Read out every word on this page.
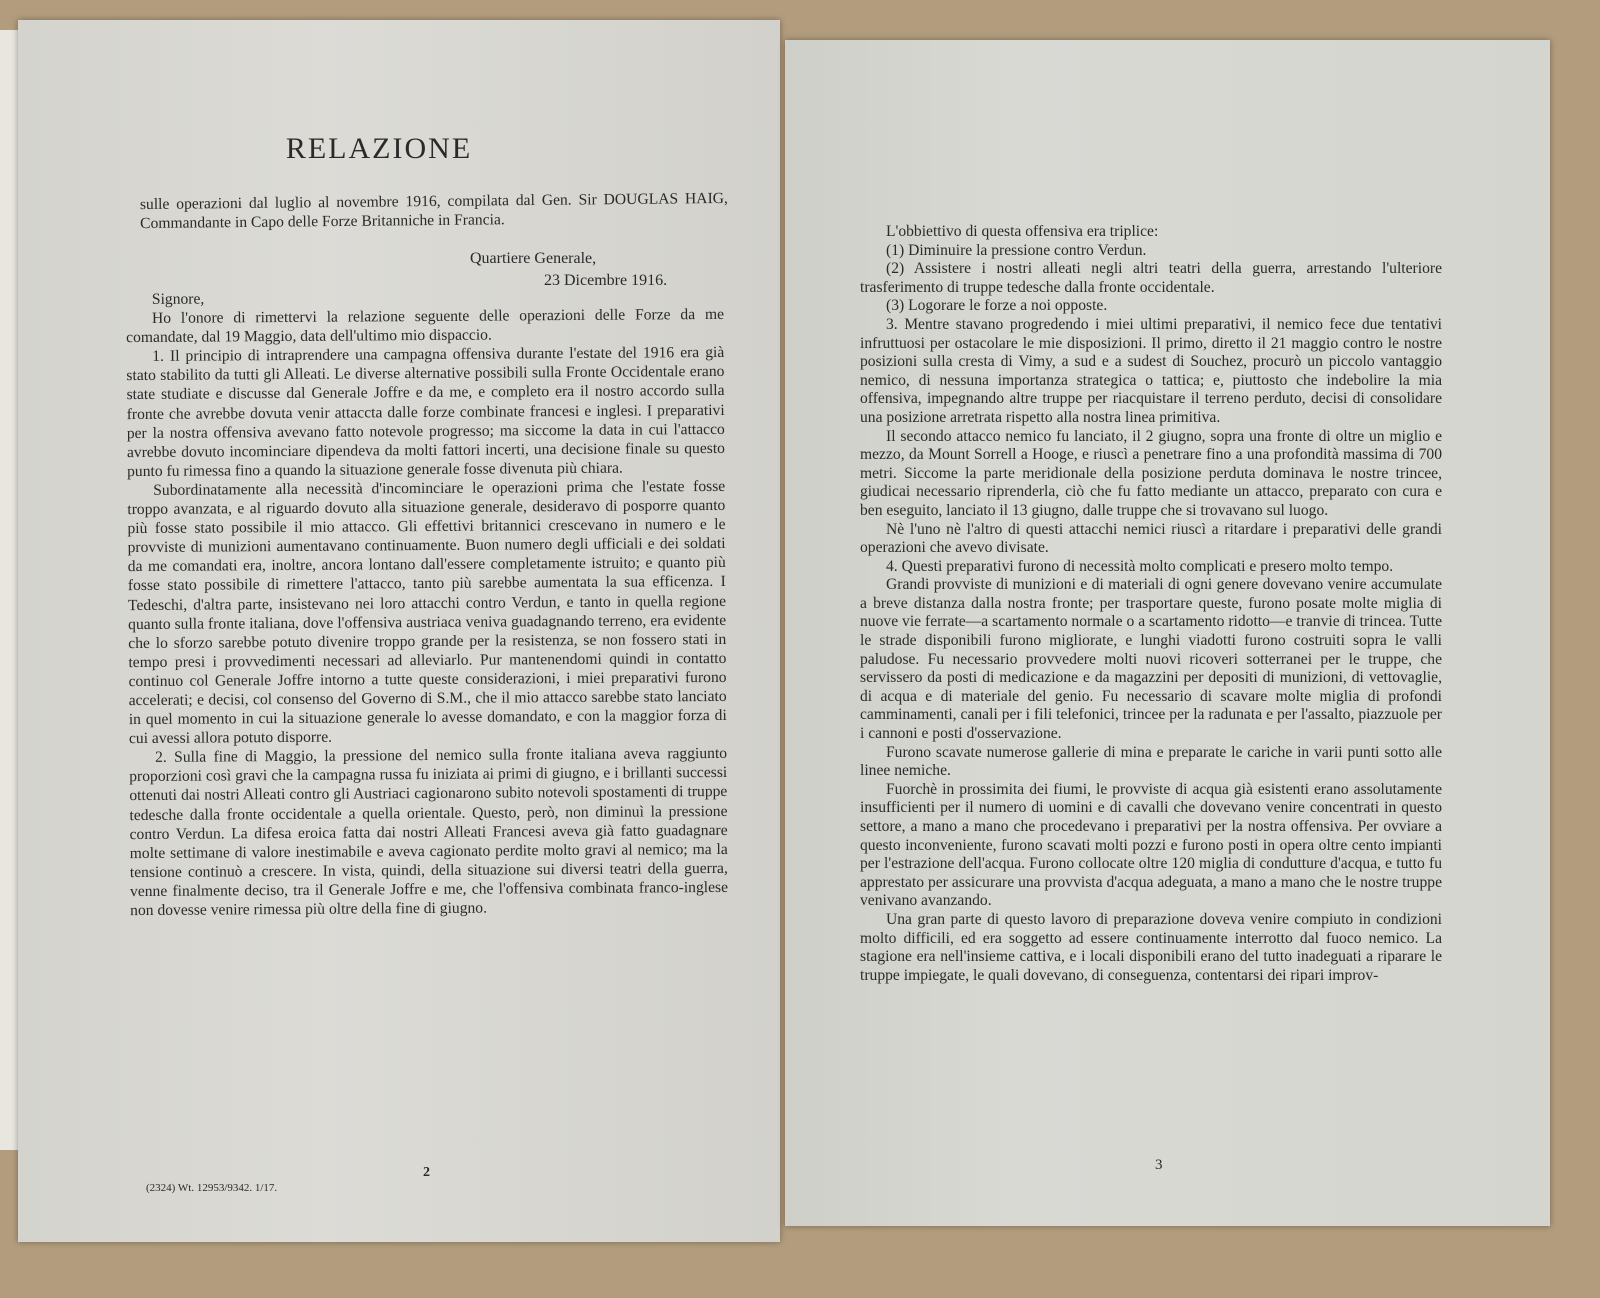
RELAZIONE
sulle operazioni dal luglio al novembre 1916, compilata dal Gen. Sir DOUGLAS HAIG, Commandante in Capo delle Forze Britanniche in Francia.
Quartiere Generale,
23 Dicembre 1916.

Signore,

Ho l'onore di rimettervi la relazione seguente delle operazioni delle Forze da me comandate, dal 19 Maggio, data dell'ultimo mio dispaccio.

1. Il principio di intraprendere una campagna offensiva durante l'estate del 1916 era già stato stabilito da tutti gli Alleati. Le diverse alternative possibili sulla Fronte Occidentale erano state studiate e discusse dal Generale Joffre e da me, e completo era il nostro accordo sulla fronte che avrebbe dovuta venir attaccta dalle forze combinate francesi e inglesi. I preparativi per la nostra offensiva avevano fatto notevole progresso; ma siccome la data in cui l'attacco avrebbe dovuto incominciare dipendeva da molti fattori incerti, una decisione finale su questo punto fu rimessa fino a quando la situazione generale fosse divenuta più chiara.

Subordinatamente alla necessità d'incominciare le operazioni prima che l'estate fosse troppo avanzata, e al riguardo dovuto alla situazione generale, desideravo di posporre quanto più fosse stato possibile il mio attacco. Gli effettivi britannici crescevano in numero e le provviste di munizioni aumentavano continuamente. Buon numero degli ufficiali e dei soldati da me comandati era, inoltre, ancora lontano dall'essere completamente istruito; e quanto più fosse stato possibile di rimettere l'attacco, tanto più sarebbe aumentata la sua efficenza. I Tedeschi, d'altra parte, insistevano nei loro attacchi contro Verdun, e tanto in quella regione quanto sulla fronte italiana, dove l'offensiva austriaca veniva guadagnando terreno, era evidente che lo sforzo sarebbe potuto divenire troppo grande per la resistenza, se non fossero stati in tempo presi i provvedimenti necessari ad alleviarlo. Pur mantenendomi quindi in contatto continuo col Generale Joffre intorno a tutte queste considerazioni, i miei preparativi furono accelerati; e decisi, col consenso del Governo di S.M., che il mio attacco sarebbe stato lanciato in quel momento in cui la situazione generale lo avesse domandato, e con la maggior forza di cui avessi allora potuto disporre.

2. Sulla fine di Maggio, la pressione del nemico sulla fronte italiana aveva raggiunto proporzioni così gravi che la campagna russa fu iniziata ai primi di giugno, e i brillanti successi ottenuti dai nostri Alleati contro gli Austriaci cagionarono subito notevoli spostamenti di truppe tedesche dalla fronte occidentale a quella orientale. Questo, però, non diminuì la pressione contro Verdun. La difesa eroica fatta dai nostri Alleati Francesi aveva già fatto guadagnare molte settimane di valore inestimabile e aveva cagionato perdite molto gravi al nemico; ma la tensione continuò a crescere. In vista, quindi, della situazione sui diversi teatri della guerra, venne finalmente deciso, tra il Generale Joffre e me, che l'offensiva combinata franco-inglese non dovesse venire rimessa più oltre della fine di giugno.

2
(2324) Wt. 12953/9342. 1/17.

L'obbiettivo di questa offensiva era triplice:

(1) Diminuire la pressione contro Verdun.

(2) Assistere i nostri alleati negli altri teatri della guerra, arrestando l'ulteriore trasferimento di truppe tedesche dalla fronte occidentale.

(3) Logorare le forze a noi opposte.

3. Mentre stavano progredendo i miei ultimi preparativi, il nemico fece due tentativi infruttuosi per ostacolare le mie disposizioni. Il primo, diretto il 21 maggio contro le nostre posizioni sulla cresta di Vimy, a sud e a sudest di Souchez, procurò un piccolo vantaggio nemico, di nessuna importanza strategica o tattica; e, piuttosto che indebolire la mia offensiva, impegnando altre truppe per riacquistare il terreno perduto, decisi di consolidare una posizione arretrata rispetto alla nostra linea primitiva.

Il secondo attacco nemico fu lanciato, il 2 giugno, sopra una fronte di oltre un miglio e mezzo, da Mount Sorrell a Hooge, e riuscì a penetrare fino a una profondità massima di 700 metri. Siccome la parte meridionale della posizione perduta dominava le nostre trincee, giudicai necessario riprenderla, ciò che fu fatto mediante un attacco, preparato con cura e ben eseguito, lanciato il 13 giugno, dalle truppe che si trovavano sul luogo.

Nè l'uno nè l'altro di questi attacchi nemici riuscì a ritardare i preparativi delle grandi operazioni che avevo divisate.

4. Questi preparativi furono di necessità molto complicati e presero molto tempo.

Grandi provviste di munizioni e di materiali di ogni genere dovevano venire accumulate a breve distanza dalla nostra fronte; per trasportare queste, furono posate molte miglia di nuove vie ferrate—a scartamento normale o a scartamento ridotto—e tranvie di trincea. Tutte le strade disponibili furono migliorate, e lunghi viadotti furono costruiti sopra le valli paludose. Fu necessario provvedere molti nuovi ricoveri sotterranei per le truppe, che servissero da posti di medicazione e da magazzini per depositi di munizioni, di vettovaglie, di acqua e di materiale del genio. Fu necessario di scavare molte miglia di profondi camminamenti, canali per i fili telefonici, trincee per la radunata e per l'assalto, piazzuole per i cannoni e posti d'osservazione.

Furono scavate numerose gallerie di mina e preparate le cariche in varii punti sotto alle linee nemiche.

Fuorchè in prossimita dei fiumi, le provviste di acqua già esistenti erano assolutamente insufficienti per il numero di uomini e di cavalli che dovevano venire concentrati in questo settore, a mano a mano che procedevano i preparativi per la nostra offensiva. Per ovviare a questo inconveniente, furono scavati molti pozzi e furono posti in opera oltre cento impianti per l'estrazione dell'acqua. Furono collocate oltre 120 miglia di condutture d'acqua, e tutto fu apprestato per assicurare una provvista d'acqua adeguata, a mano a mano che le nostre truppe venivano avanzando.

Una gran parte di questo lavoro di preparazione doveva venire compiuto in condizioni molto difficili, ed era soggetto ad essere continuamente interrotto dal fuoco nemico. La stagione era nell'insieme cattiva, e i locali disponibili erano del tutto inadeguati a riparare le truppe impiegate, le quali dovevano, di conseguenza, contentarsi dei ripari improv-

3
